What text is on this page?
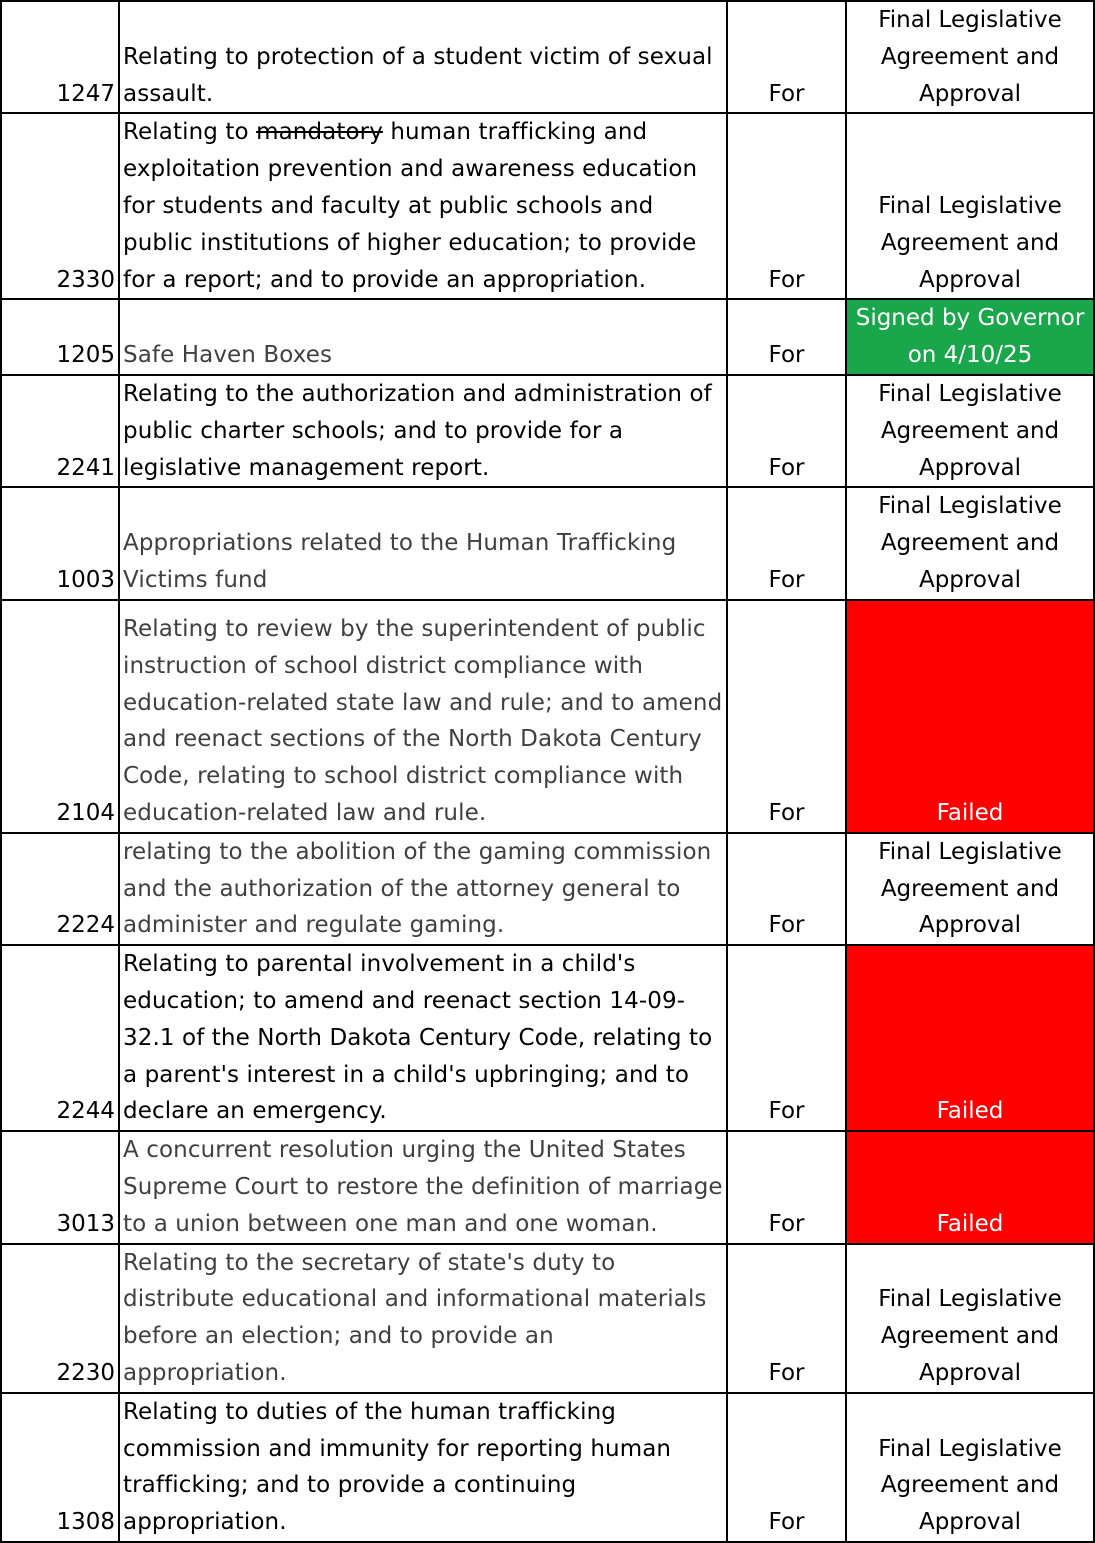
1247	Relating to protection of a student victim of sexual assault.	For	Final Legislative Agreement and Approval
2330	Relating to mandatory human trafficking and exploitation prevention and awareness education for students and faculty at public schools and public institutions of higher education; to provide for a report; and to provide an appropriation.	For	Final Legislative Agreement and Approval
1205	Safe Haven Boxes	For	Signed by Governor on 4/10/25
2241	Relating to the authorization and administration of public charter schools; and to provide for a legislative management report.	For	Final Legislative Agreement and Approval
1003	Appropriations related to the Human Trafficking Victims fund	For	Final Legislative Agreement and Approval
2104	Relating to review by the superintendent of public instruction of school district compliance with education-related state law and rule; and to amend and reenact sections of the North Dakota Century Code, relating to school district compliance with education-related law and rule.	For	Failed
2224	relating to the abolition of the gaming commission and the authorization of the attorney general to administer and regulate gaming.	For	Final Legislative Agreement and Approval
2244	Relating to parental involvement in a child's education; to amend and reenact section 14-09-32.1 of the North Dakota Century Code, relating to a parent's interest in a child's upbringing; and to declare an emergency.	For	Failed
3013	A concurrent resolution urging the United States Supreme Court to restore the definition of marriage to a union between one man and one woman.	For	Failed
2230	Relating to the secretary of state's duty to distribute educational and informational materials before an election; and to provide an appropriation.	For	Final Legislative Agreement and Approval
1308	Relating to duties of the human trafficking commission and immunity for reporting human trafficking; and to provide a continuing appropriation.	For	Final Legislative Agreement and Approval
